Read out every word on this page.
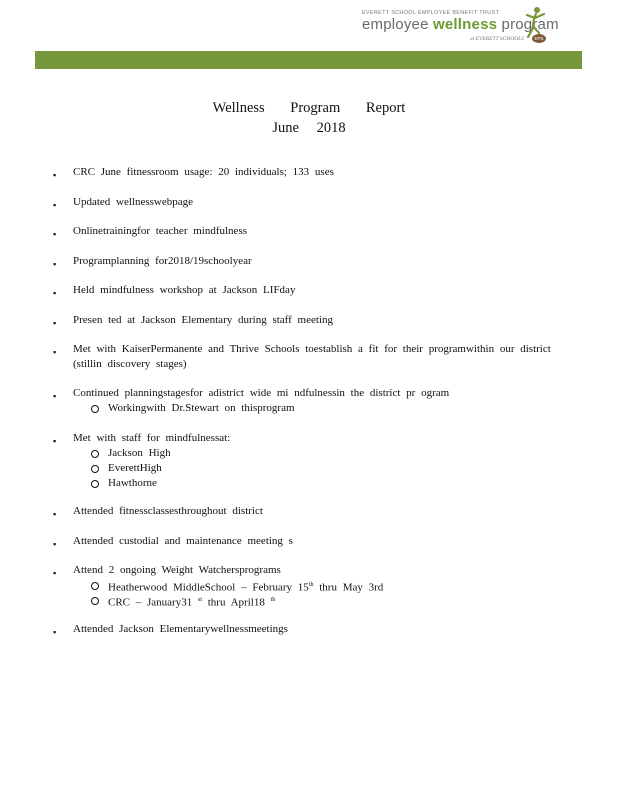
EVERETT SCHOOL EMPLOYEE BENEFIT TRUST
employee wellness program
at EVERETT SCHOOLS	EPS
Wellness Program Report
June 2018
▪ CRC June fitnessroom usage: 20 individuals; 133 uses
▪ Updated wellnesswebpage
▪ Onlinetrainingfor teacher mindfulness
▪ Programplanning for2018/19schoolyear
▪ Held mindfulness workshop at Jackson LIFday
▪ Presen ted at Jackson Elementary during staff meeting
▪ Met with KaiserPermanente and Thrive Schools toestablish a fit for their programwithin our district
(stillin discovery stages)
▪ Continued planningstagesfor adistrict wide mi ndfulnessin the district pr ogram
Workingwith Dr.Stewart on thisprogram
▪ Met with staff for mindfulnessat:
Jackson High
EverettHigh
Hawthorne
▪ Attended fitnessclassesthroughout district
▪ Attended custodial and maintenance meeting s
▪ Attend 2 ongoing Weight Watchersprograms
Heatherwood MiddleSchool – February 15th thru May 3rd
CRC – January31 $^{st}$ thru April18 $^{th}$
▪ Attended Jackson Elementarywellnessmeetings
